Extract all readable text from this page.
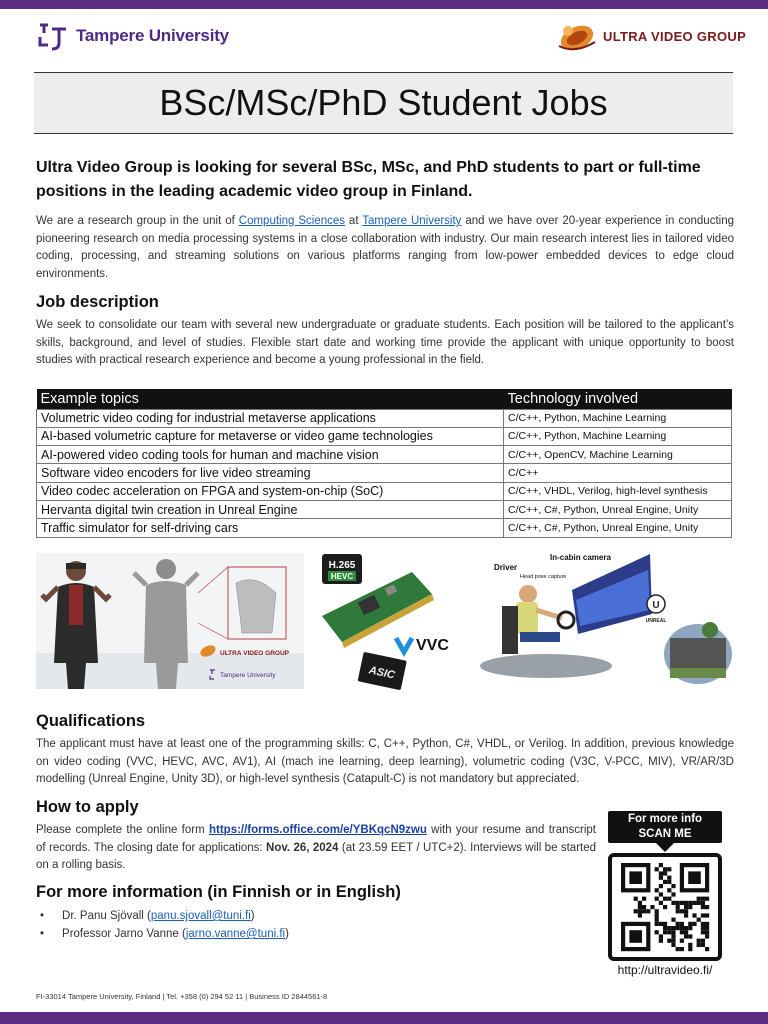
Tampere University	ULTRA VIDEO GROUP
BSc/MSc/PhD Student Jobs
Ultra Video Group is looking for several BSc, MSc, and PhD students to part or full-time positions in the leading academic video group in Finland.
We are a research group in the unit of Computing Sciences at Tampere University and we have over 20-year experience in conducting pioneering research on media processing systems in a close collaboration with industry. Our main research interest lies in tailored video coding, processing, and streaming solutions on various platforms ranging from low-power embedded devices to edge cloud environments.
Job description
We seek to consolidate our team with several new undergraduate or graduate students. Each position will be tailored to the applicant’s skills, background, and level of studies. Flexible start date and working time provide the applicant with unique opportunity to boost studies with practical research experience and become a young professional in the field.
Example topics	Technology involved
Volumetric video coding for industrial metaverse applications	C/C++, Python, Machine Learning
AI-based volumetric capture for metaverse or video game technologies	C/C++, Python, Machine Learning
AI-powered video coding tools for human and machine vision	C/C++, OpenCV, Machine Learning
Software video encoders for live video streaming	C/C++
Video codec acceleration on FPGA and system-on-chip (SoC)	C/C++, VHDL, Verilog, high-level synthesis
Hervanta digital twin creation in Unreal Engine	C/C++, C#, Python, Unreal Engine, Unity
Traffic simulator for self-driving cars	C/C++, C#, Python, Unreal Engine, Unity
ULTRA VIDEO GROUP
Tampere University
H.265
HEVC
VVC
ASIC
Driver
In-cabin camera
Head pose capture
U
UNREAL
Qualifications
The applicant must have at least one of the programming skills: C, C++, Python, C#, VHDL, or Verilog. In addition, previous knowledge on video coding (VVC, HEVC, AVC, AV1), AI (mach ine learning, deep learning), volumetric coding (V3C, V-PCC, MIV), VR/AR/3D modelling (Unreal Engine, Unity 3D), or high-level synthesis (Catapult-C) is not mandatory but appreciated.
How to apply
Please complete the online form https://forms.office.com/e/YBKqcN9zwu with your resume and transcript of records. The closing date for applications: Nov. 26, 2024 (at 23.59 EET / UTC+2). Interviews will be started on a rolling basis.
For more information (in Finnish or in English)
• Dr. Panu Sjövall (panu.sjovall@tuni.fi)
• Professor Jarno Vanne (jarno.vanne@tuni.fi)
For more info
SCAN ME
http://ultravideo.fi/
FI-33014 Tampere University, Finland | Tel. +358 (0) 294 52 11 | Business ID 2844561-8
